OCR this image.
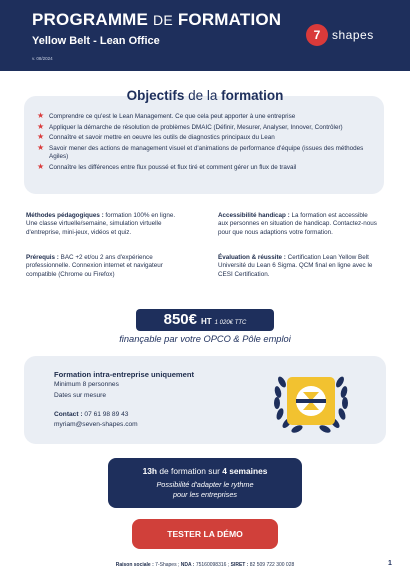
PROGRAMME DE FORMATION
Yellow Belt - Lean Office
v. 08/2024
7 shapes
Objectifs de la formation
★ Comprendre ce qu'est le Lean Management. Ce que cela peut apporter à une entreprise
★ Appliquer la démarche de résolution de problèmes DMAIC (Définir, Mesurer, Analyser, Innover, Contrôler)
★ Connaître et savoir mettre en oeuvre les outils de diagnostics principaux du Lean
★ Savoir mener des actions de management visuel et d'animations de performance d'équipe (issues des méthodes Agiles)
★ Connaître les différences entre flux poussé et flux tiré et comment gérer un flux de travail
Méthodes pédagogiques : formation 100% en ligne. Une classe virtuelle/semaine, simulation virtuelle d'entreprise, mini-jeux, vidéos et quiz.
Prérequis : BAC +2 et/ou 2 ans d'expérience professionnelle. Connexion internet et navigateur compatible (Chrome ou Firefox)
Accessibilité handicap : La formation est accessible aux personnes en situation de handicap. Contactez-nous pour que nous adaptions votre formation.
Évaluation & réussite : Certification Lean Yellow Belt Université du Lean 6 Sigma. QCM final en ligne avec le CESI Certification.
850€ HT 1 020€ TTC
finançable par votre OPCO & Pôle emploi
Formation intra-entreprise uniquement
Minimum 8 personnes
Dates sur mesure
Contact : 07 61 98 89 43
myriam@seven-shapes.com
13h de formation sur 4 semaines
Possibilité d'adapter le rythme
pour les entreprises
TESTER LA DÉMO
Raison sociale : 7-Shapes ; NDA : 75160098316 ; SIRET : 82 509 722 300 028	1
